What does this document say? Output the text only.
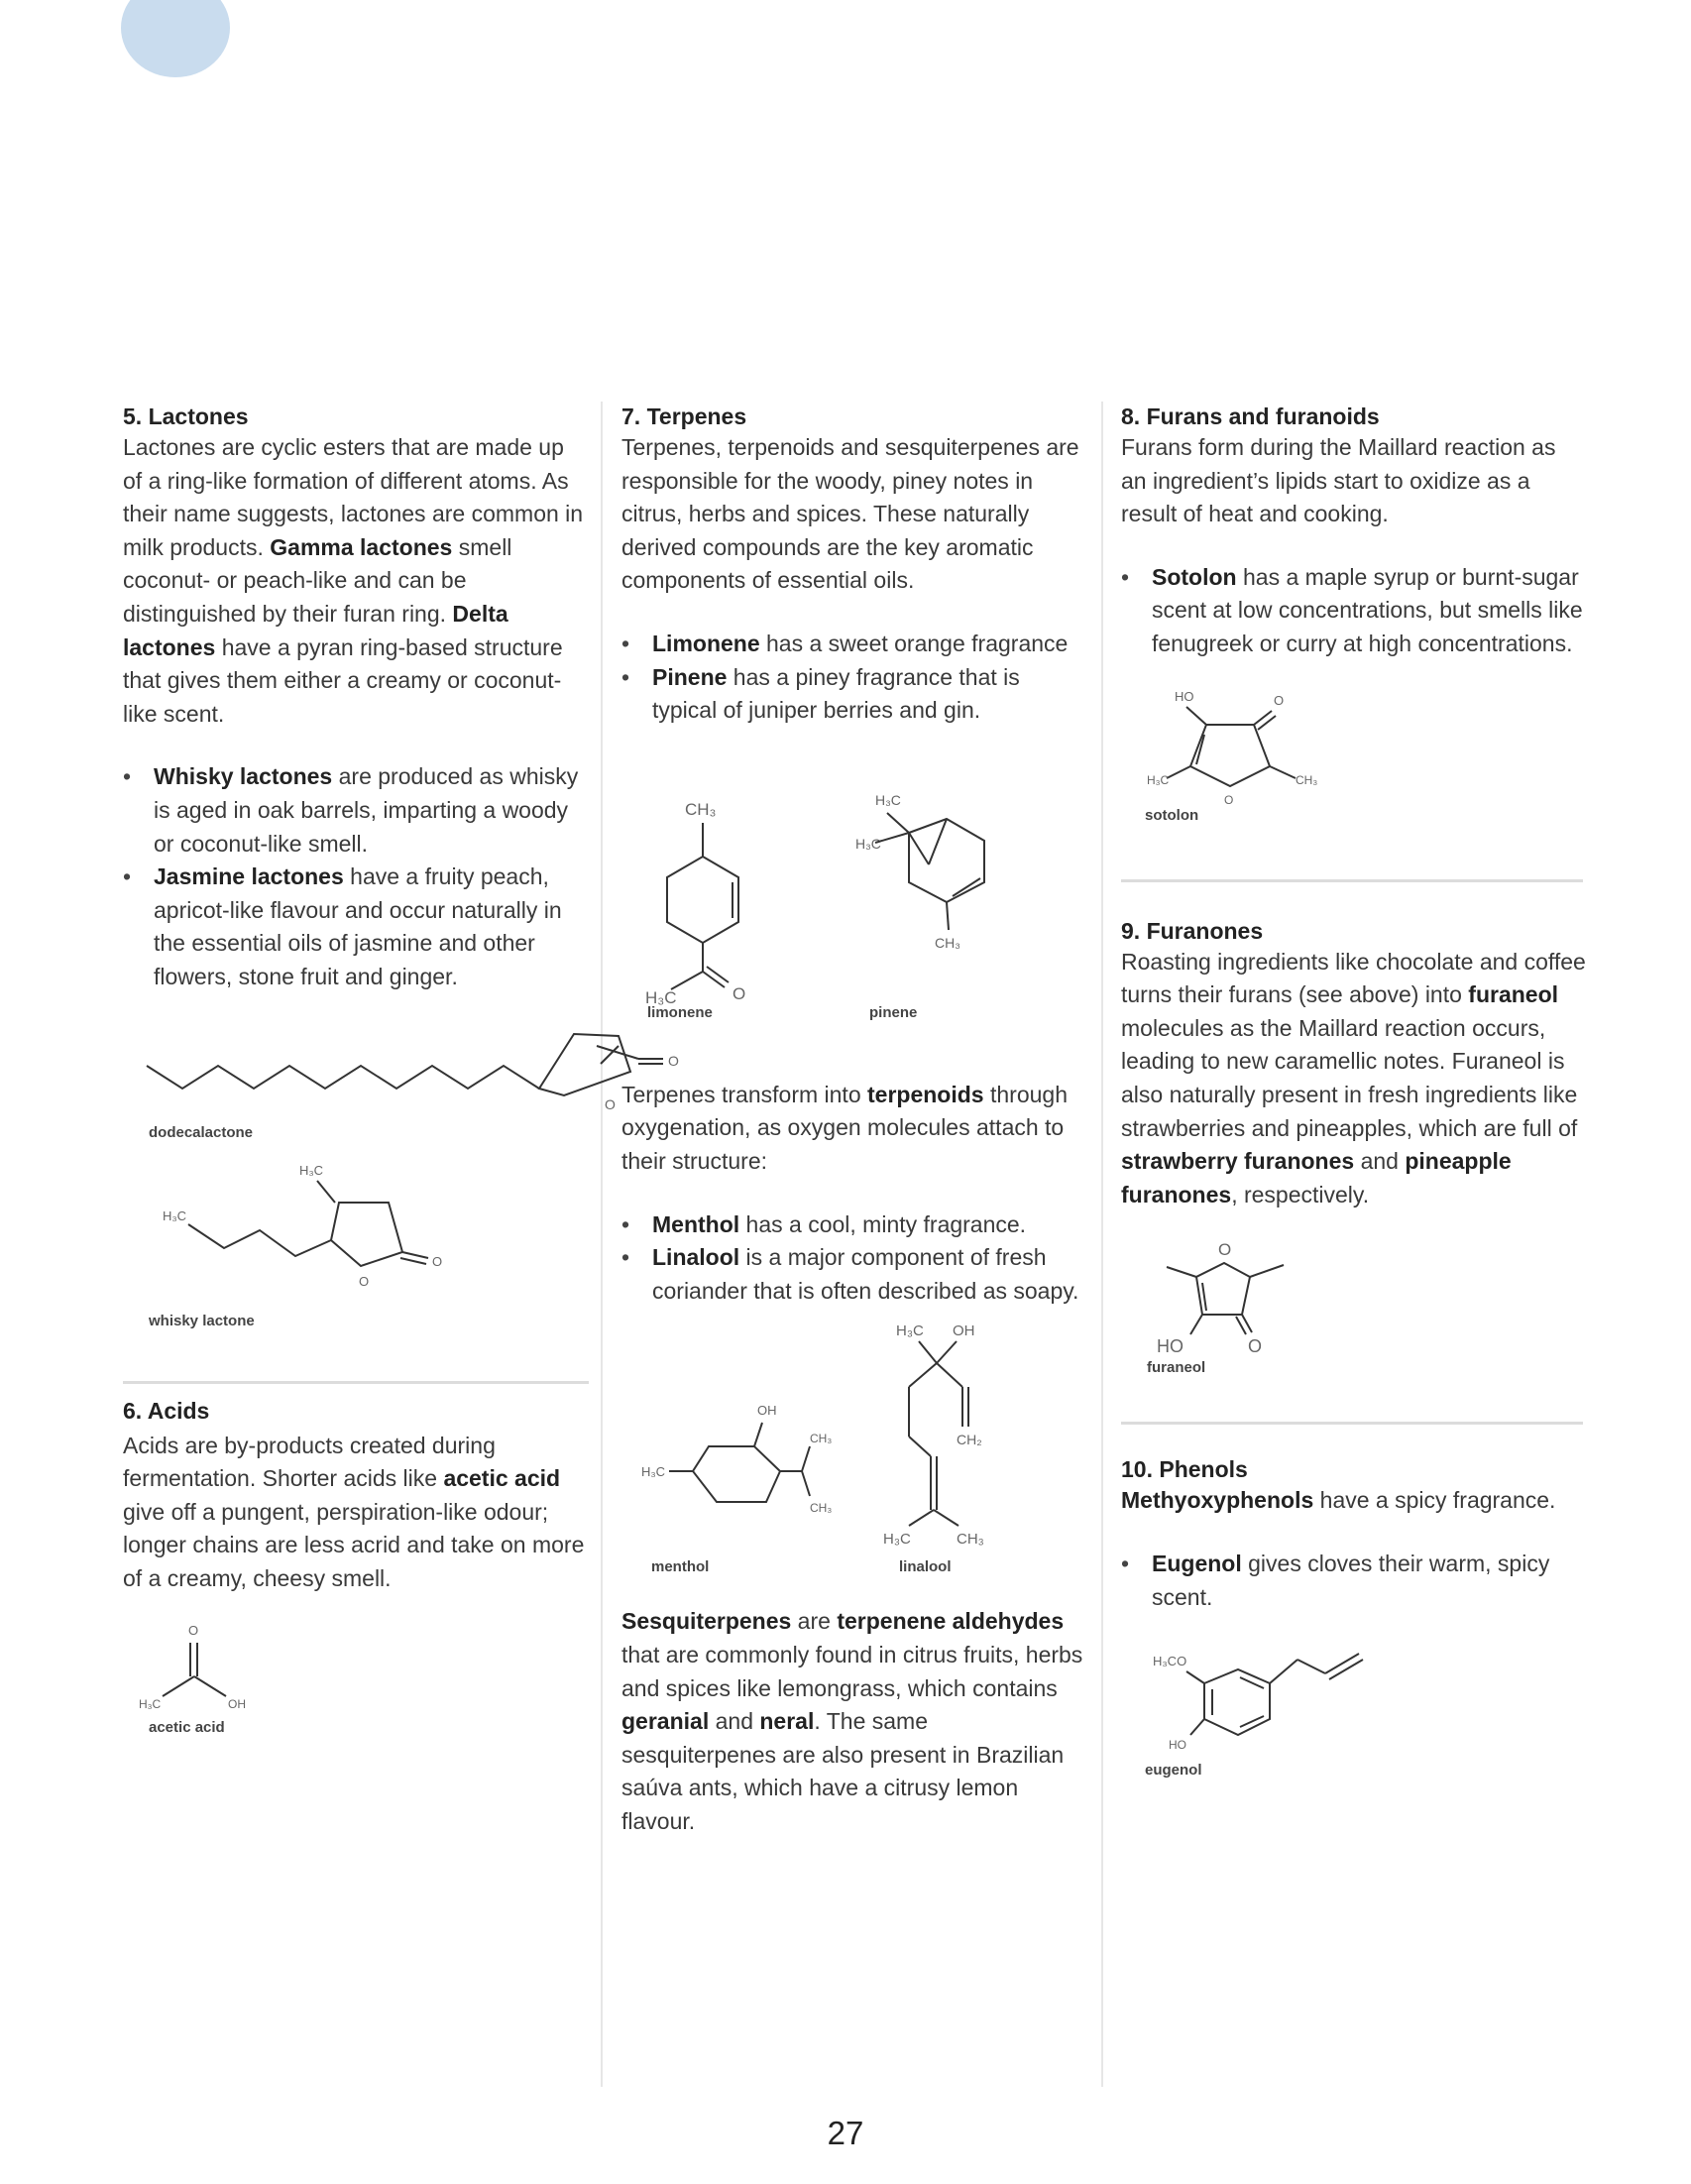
5. Lactones

Lactones are cyclic esters that are made up of a ring-like formation of different atoms. As their name suggests, lactones are common in milk products. Gamma lactones smell coconut- or peach-like and can be distinguished by their furan ring. Delta lactones have a pyran ring-based structure that gives them either a creamy or coconut-like scent.

• Whisky lactones are produced as whisky is aged in oak barrels, imparting a woody or coconut-like smell.
• Jasmine lactones have a fruity peach, apricot-like flavour and occur naturally in the essential oils of jasmine and other flowers, stone fruit and ginger.
O
O
dodecalactone
H₃C
H₃C
O
O
whisky lactone
6. Acids

Acids are by-products created during fermentation. Shorter acids like acetic acid give off a pungent, perspiration-like odour; longer chains are less acrid and take on more of a creamy, cheesy smell.

O
H₃C	OH
acetic acid
7. Terpenes

Terpenes, terpenoids and sesquiterpenes are responsible for the woody, piney notes in citrus, herbs and spices. These naturally derived compounds are the key aromatic components of essential oils.

• Limonene has a sweet orange fragrance
• Pinene has a piney fragrance that is typical of juniper berries and gin.
CH₃
H₃C	O
H₃C
H₃C
CH₃
limonene	pinene

Terpenes transform into terpenoids through oxygenation, as oxygen molecules attach to their structure:

• Menthol has a cool, minty fragrance.
• Linalool is a major component of fresh coriander that is often described as soapy.
OH
H₃C
CH₃
CH₃
H₃C OH
CH₂
H₃C	CH₃
menthol	linalool

Sesquiterpenes are terpenene aldehydes that are commonly found in citrus fruits, herbs and spices like lemongrass, which contains geranial and neral. The same sesquiterpenes are also present in Brazilian saúva ants, which have a citrusy lemon flavour.

8. Furans and furanoids

Furans form during the Maillard reaction as an ingredient’s lipids start to oxidize as a result of heat and cooking.

• Sotolon has a maple syrup or burnt-sugar scent at low concentrations, but smells like fenugreek or curry at high concentrations.
HO	O
H₃C
O
CH₃
sotolon
9. Furanones

Roasting ingredients like chocolate and coffee turns their furans (see above) into furaneol molecules as the Maillard reaction occurs, leading to new caramellic notes. Furaneol is also naturally present in fresh ingredients like strawberries and pineapples, which are full of strawberry furanones and pineapple furanones, respectively.

O
HO	O
furaneol
10. Phenols

Methyoxyphenols have a spicy fragrance.

• Eugenol gives cloves their warm, spicy scent.
H₃CO
HO
eugenol
27
